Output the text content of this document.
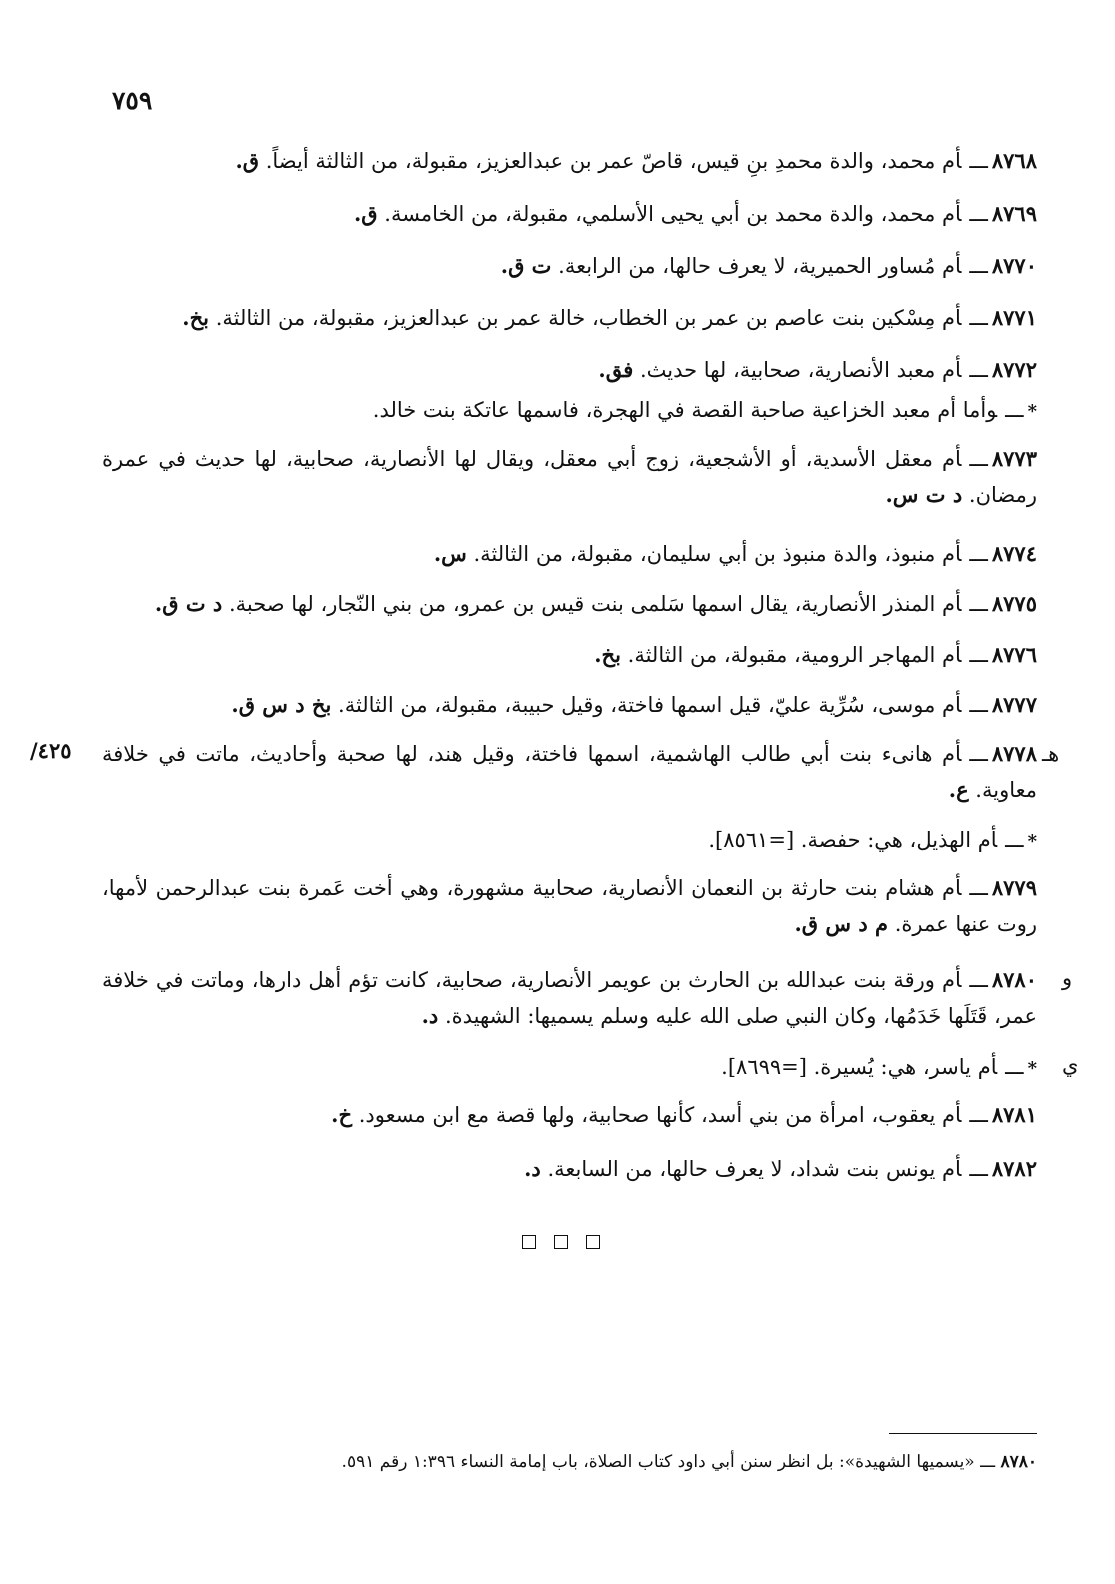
٧٥٩
٨٧٦٨ـــأم محمد، والدة محمدِ بنِ قيس، قاصّ عمر بن عبدالعزيز، مقبولة، من الثالثة أيضاً. ق.
٨٧٦٩ـــأم محمد، والدة محمد بن أبي يحيى الأسلمي، مقبولة، من الخامسة. ق.
٨٧٧٠ـــأم مُساور الحميرية، لا يعرف حالها، من الرابعة. ت ق.
٨٧٧١ـــأم مِسْكين بنت عاصم بن عمر بن الخطاب، خالة عمر بن عبدالعزيز، مقبولة، من الثالثة. بخ.
٨٧٧٢ـــأم معبد الأنصارية، صحابية، لها حديث. فق.
*ـــوأما أم معبد الخزاعية صاحبة القصة في الهجرة، فاسمها عاتكة بنت خالد.
٨٧٧٣ـــأم معقل الأسدية، أو الأشجعية، زوج أبي معقل، ويقال لها الأنصارية، صحابية، لها حديث في عمرة رمضان. د ت س.
٨٧٧٤ـــأم منبوذ، والدة منبوذ بن أبي سليمان، مقبولة، من الثالثة. س.
٨٧٧٥ـــأم المنذر الأنصارية، يقال اسمها سَلمى بنت قيس بن عمرو، من بني النّجار، لها صحبة. د ت ق.
٨٧٧٦ـــأم المهاجر الرومية، مقبولة، من الثالثة. بخ.
٨٧٧٧ـــأم موسى، سُرِّية عليّ، قيل اسمها فاختة، وقيل حبيبة، مقبولة، من الثالثة. بخ د س ق.
٨٧٧٨ـــأم هانىء بنت أبي طالب الهاشمية، اسمها فاختة، وقيل هند، لها صحبة وأحاديث، ماتت في خلافة معاوية. ع.
*ـــأم الهذيل، هي: حفصة. [=٨٥٦١].
٨٧٧٩ـــأم هشام بنت حارثة بن النعمان الأنصارية، صحابية مشهورة، وهي أخت عَمرة بنت عبدالرحمن لأمها، روت عنها عمرة. م د س ق.
٨٧٨٠ـــأم ورقة بنت عبدالله بن الحارث بن عويمر الأنصارية، صحابية، كانت تؤم أهل دارها، وماتت في خلافة عمر، قَتَلَها خَدَمُها، وكان النبي صلى الله عليه وسلم يسميها: الشهيدة. د.
*ـــأم ياسر، هي: يُسيرة. [=٨٦٩٩].
٨٧٨١ـــأم يعقوب، امرأة من بني أسد، كأنها صحابية، ولها قصة مع ابن مسعود. خ.
٨٧٨٢ـــأم يونس بنت شداد، لا يعرف حالها، من السابعة. د.
هـ
٤٢٥/
و
ي
٨٧٨٠ ـــ «يسميها الشهيدة»: بل انظر سنن أبي داود كتاب الصلاة، باب إمامة النساء ١:٣٩٦ رقم ٥٩١.
